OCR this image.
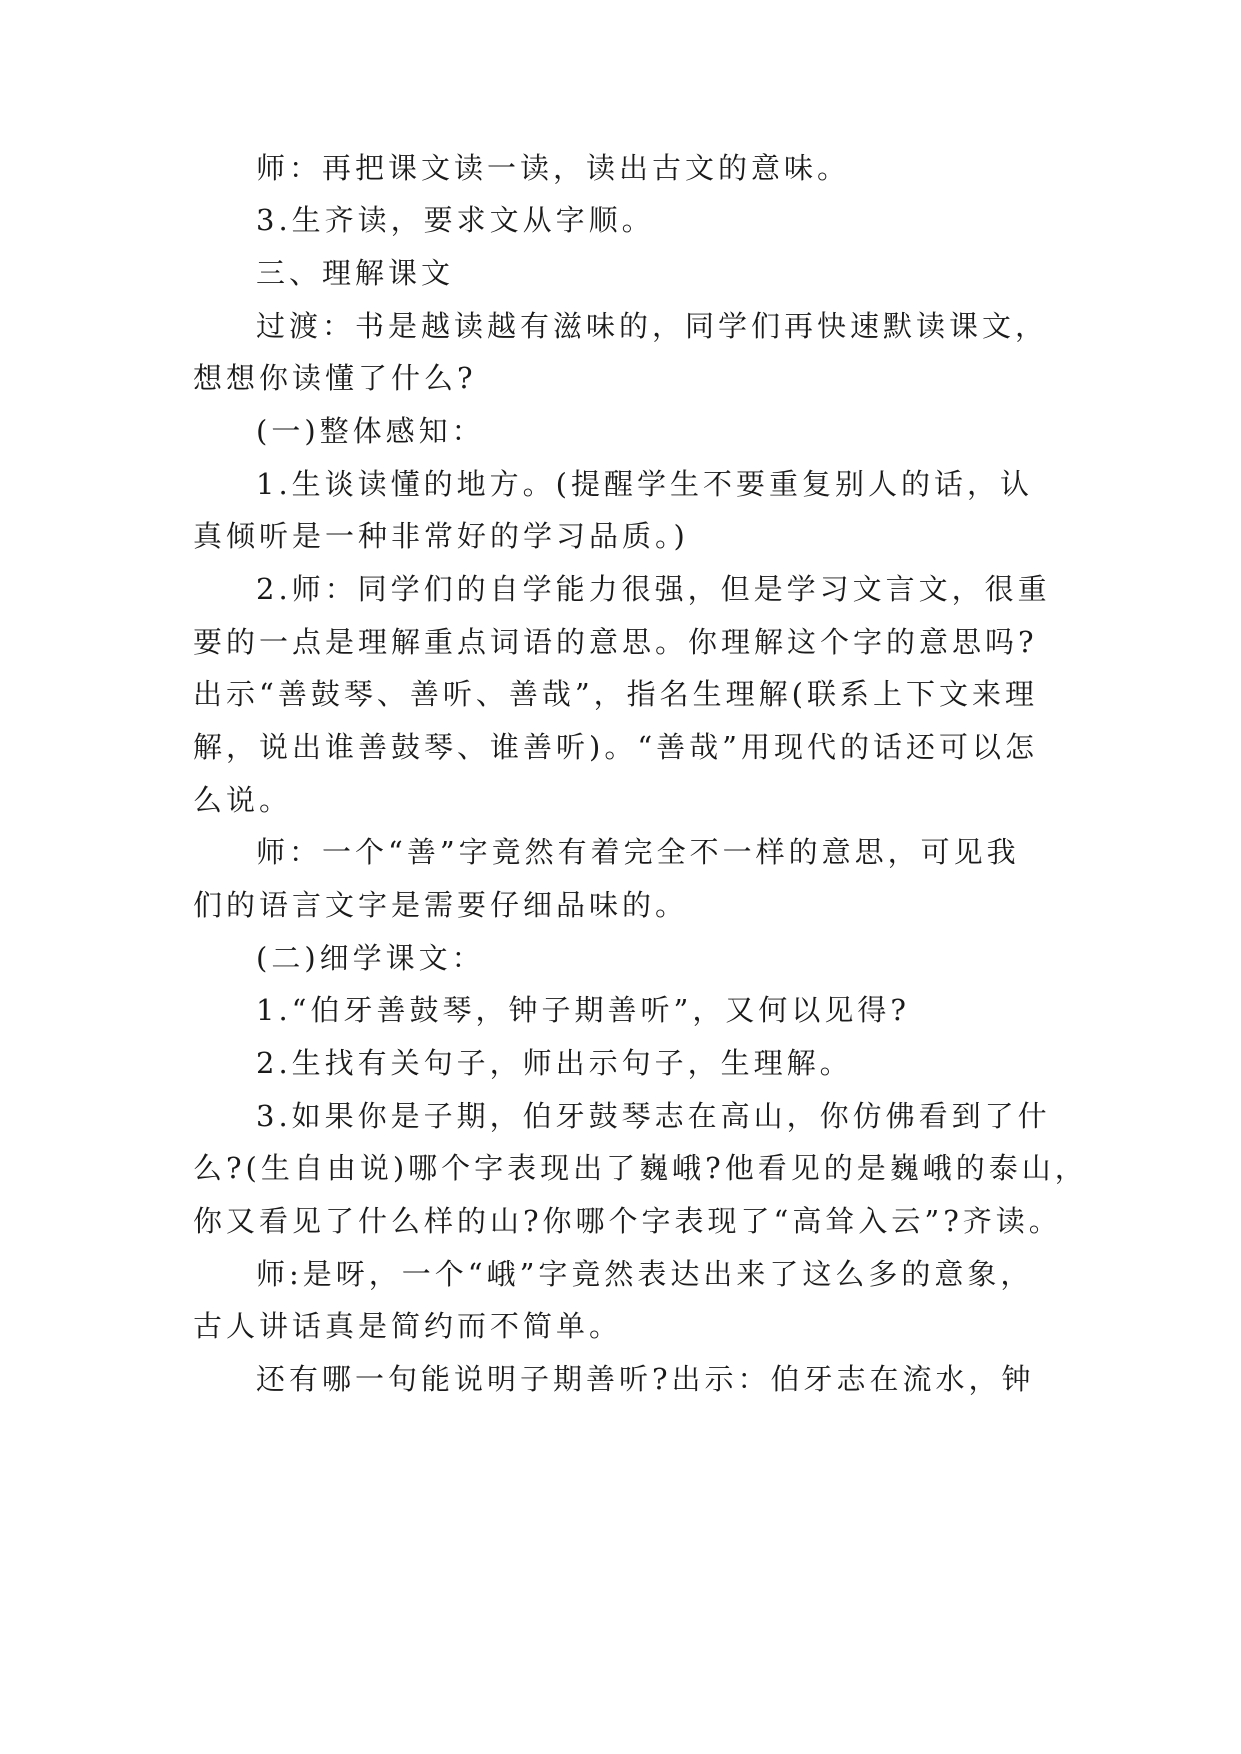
师：再把课文读一读，读出古文的意味。
3.生齐读，要求文从字顺。
三、理解课文
过渡：书是越读越有滋味的，同学们再快速默读课文，
想想你读懂了什么?
(一)整体感知：
1.生谈读懂的地方。(提醒学生不要重复别人的话，认
真倾听是一种非常好的学习品质。)
2.师：同学们的自学能力很强，但是学习文言文，很重
要的一点是理解重点词语的意思。你理解这个字的意思吗?
出示“善鼓琴、善听、善哉”，指名生理解(联系上下文来理
解，说出谁善鼓琴、谁善听)。“善哉”用现代的话还可以怎
么说。
师：一个“善”字竟然有着完全不一样的意思，可见我
们的语言文字是需要仔细品味的。
(二)细学课文：
1.“伯牙善鼓琴，钟子期善听”，又何以见得?
2.生找有关句子，师出示句子，生理解。
3.如果你是子期，伯牙鼓琴志在高山，你仿佛看到了什
么?(生自由说)哪个字表现出了巍峨?他看见的是巍峨的泰山，
你又看见了什么样的山?你哪个字表现了“高耸入云”?齐读。
师:是呀，一个“峨”字竟然表达出来了这么多的意象，
古人讲话真是简约而不简单。
还有哪一句能说明子期善听?出示：伯牙志在流水，钟
